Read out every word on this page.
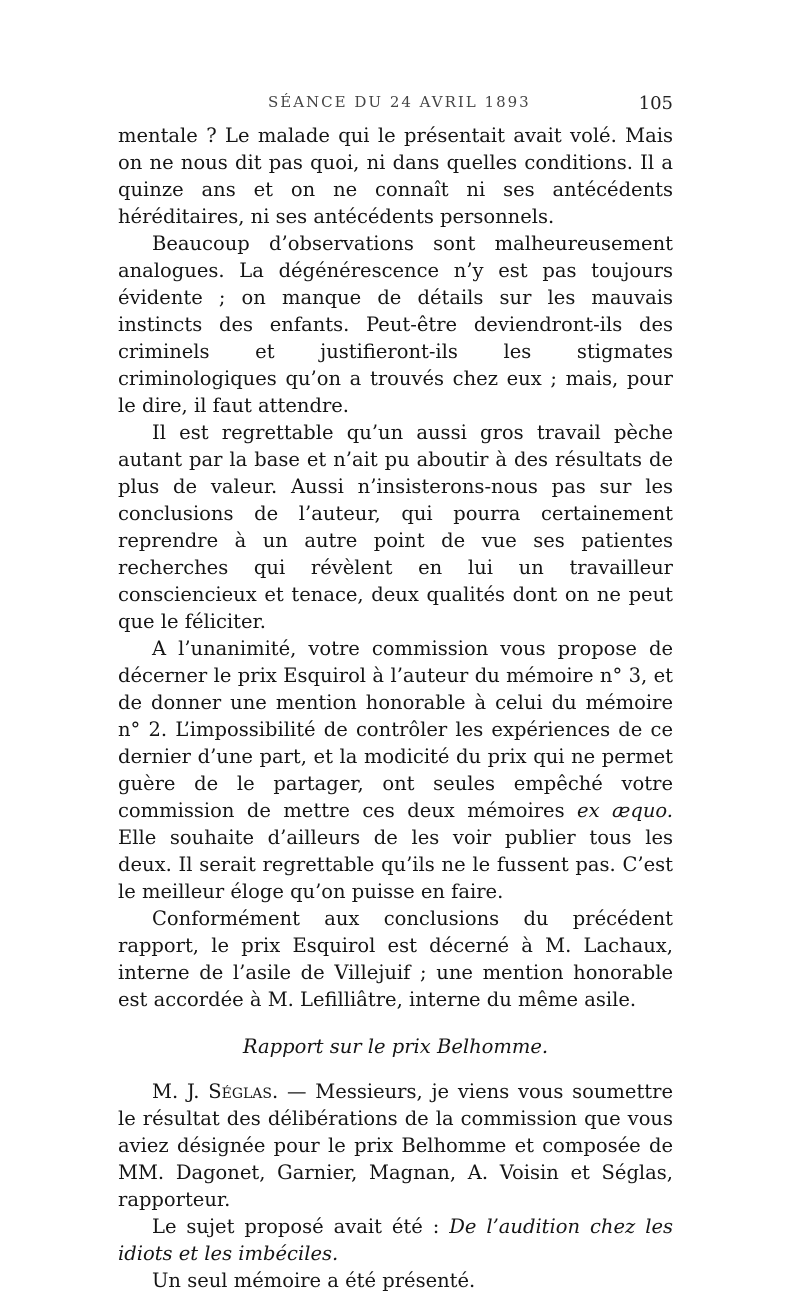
SÉANCE DU 24 AVRIL 1893	105

mentale ? Le malade qui le présentait avait volé. Mais on ne nous dit pas quoi, ni dans quelles conditions. Il a quinze ans et on ne connaît ni ses antécédents héréditaires, ni ses antécédents personnels.

Beaucoup d’observations sont malheureusement analogues. La dégénérescence n’y est pas toujours évidente ; on manque de détails sur les mauvais instincts des enfants. Peut-être deviendront-ils des criminels et justifieront-ils les stigmates criminologiques qu’on a trouvés chez eux ; mais, pour le dire, il faut attendre.

Il est regrettable qu’un aussi gros travail pèche autant par la base et n’ait pu aboutir à des résultats de plus de valeur. Aussi n’insisterons-nous pas sur les conclusions de l’auteur, qui pourra certainement reprendre à un autre point de vue ses patientes recherches qui révèlent en lui un travailleur consciencieux et tenace, deux qualités dont on ne peut que le féliciter.

A l’unanimité, votre commission vous propose de décerner le prix Esquirol à l’auteur du mémoire n° 3, et de donner une mention honorable à celui du mémoire n° 2. L’impossibilité de contrôler les expériences de ce dernier d’une part, et la modicité du prix qui ne permet guère de le partager, ont seules empêché votre commission de mettre ces deux mémoires ex æquo. Elle souhaite d’ailleurs de les voir publier tous les deux. Il serait regrettable qu’ils ne le fussent pas. C’est le meilleur éloge qu’on puisse en faire.

Conformément aux conclusions du précédent rapport, le prix Esquirol est décerné à M. Lachaux, interne de l’asile de Villejuif ; une mention honorable est accordée à M. Lefilliâtre, interne du même asile.

Rapport sur le prix Belhomme.

M. J. Séglas. — Messieurs, je viens vous soumettre le résultat des délibérations de la commission que vous aviez désignée pour le prix Belhomme et composée de MM. Dagonet, Garnier, Magnan, A. Voisin et Séglas, rapporteur.

Le sujet proposé avait été : De l’audition chez les idiots et les imbéciles.

Un seul mémoire a été présenté.
